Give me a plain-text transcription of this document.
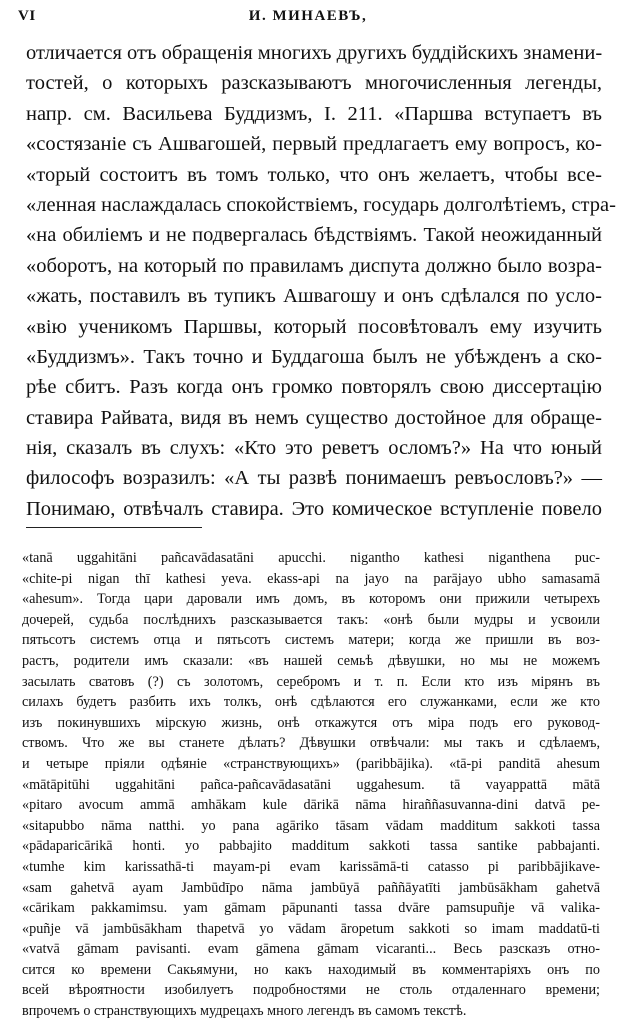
VI	И. МИНАЕВЪ,
отличается отъ обращенія многихъ другихъ буддійскихъ знамени-
тостей, о которыхъ разсказываютъ многочисленныя легенды,
напр. см. Васильева Буддизмъ, I. 211. «Паршва вступаетъ въ
«состязаніе съ Ашвагошей, первый предлагаетъ ему вопросъ, ко-
«торый состоитъ въ томъ только, что онъ желаетъ, чтобы все-
«ленная наслаждалась спокойствіемъ, государь долголѣтіемъ, стра-
«на обиліемъ и не подвергалась бѣдствіямъ. Такой неожиданный
«оборотъ, на который по правиламъ диспута должно было возра-
«жать, поставилъ въ тупикъ Ашвагошу и онъ сдѣлался по усло-
«вію ученикомъ Паршвы, который посовѣтовалъ ему изучить
«Буддизмъ». Такъ точно и Буддагоша былъ не убѣжденъ а ско-
рѣе сбитъ. Разъ когда онъ громко повторялъ свою диссертацію
ставира Райвата, видя въ немъ существо достойное для обраще-
нія, сказалъ въ слухъ: «Кто это реветъ осломъ?» На что юный
философъ возразилъ: «А ты развѣ понимаешъ ревъословъ?» —
Понимаю, отвѣчалъ ставира. Это комическое вступленіе повело
«tanā uggahitāni pañcavādasatāni apucchi. nigantho kathesi niganthena puc-
«chite-pi nigan thī kathesi yeva. ekass-api na jayo na parājayo ubho samasamā
«ahesum». Тогда цари даровали имъ домъ, въ которомъ они прижили четырехъ
дочерей, судьба послѣднихъ разсказывается такъ: «онѣ были мудры и усвоили
пятьсотъ системъ отца и пятьсотъ системъ матери; когда же пришли въ воз-
растъ, родители имъ сказали: «въ нашей семьѣ дѣвушки, но мы не можемъ
засылать сватовъ (?) съ золотомъ, серебромъ и т. п. Если кто изъ мірянъ въ
силахъ будетъ разбить ихъ толкъ, онѣ сдѣлаются его служанками, если же кто
изъ покинувшихъ мірскую жизнь, онѣ откажутся отъ міра подъ его руковод-
ствомъ. Что же вы станете дѣлать? Дѣвушки отвѣчали: мы такъ и сдѣлаемъ,
и четыре пріяли одѣяніе «странствующихъ» (paribbājika). «tā-pi panditā ahesum
«mātāpitūhi uggahitāni pañca-pañcavādasatāni uggahesum. tā vayappattā mātā
«pitaro avocum ammā amhākam kule dārikā nāma hiraññasuvanna-dini datvā pe-
«sitapubbo nāma natthi. yo pana agāriko tāsam vādam madditum sakkoti tassa
«pādaparicārikā honti. yo pabbajito madditum sakkoti tassa santike pabbajanti.
«tumhe kim karissathā-ti mayam-pi evam karissāmā-ti catasso pi paribbājikave-
«sam gahetvā ayam Jambūdīpo nāma jambūyā paññāyatīti jambūsākham gahetvā
«cārikam pakkamimsu. yam gāmam pāpunanti tassa dvāre pamsupuñje vā valika-
«puñje vā jambūsākham thapetvā yo vādam āropetum sakkoti so imam maddatū-ti
«vatvā gāmam pavisanti. evam gāmena gāmam vicaranti... Весь разсказъ отно-
сится ко времени Сакьямуни, но какъ находимый въ комментаріяхъ онъ по
всей вѣроятности изобилуетъ подробностями не столь отдаленнаго времени;
впрочемъ о странствующихъ мудрецахъ много легендъ въ самомъ текстѣ.
